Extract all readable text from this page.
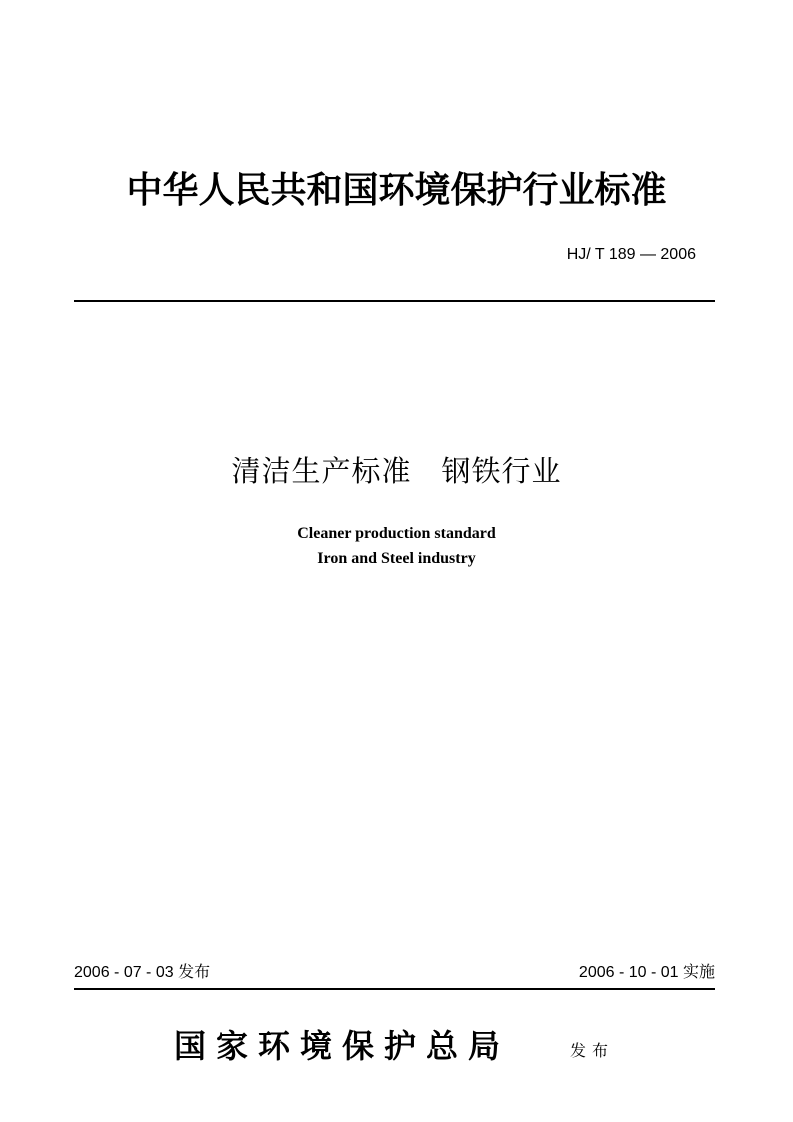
中华人民共和国环境保护行业标准
HJ/ T 189 — 2006
清洁生产标准　钢铁行业
Cleaner production standard
Iron and Steel industry
2006 - 07 - 03 发布	2006 - 10 - 01 实施
国家环境保护总局	发布
